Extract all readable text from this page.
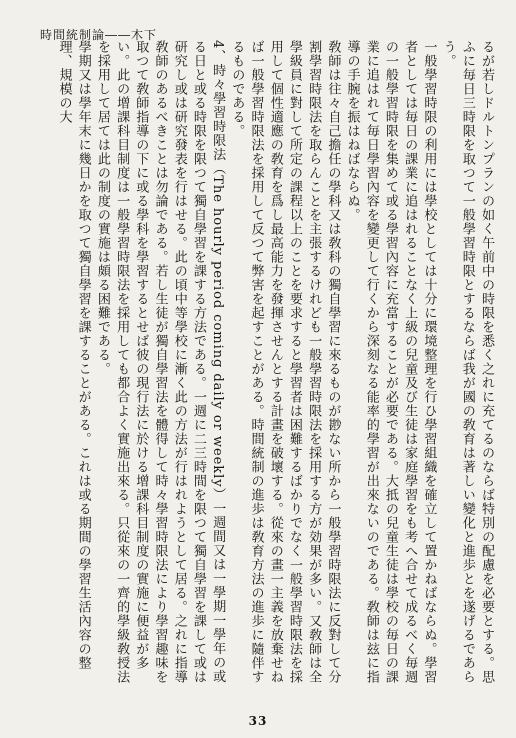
時間統制論――木下

るが若しドルトンプランの如く午前中の時限を悉く之れに充てるのならば特別の配慮を必要とする。思ふに毎日三時限を取つて一般學習時限とするならば我が國の敎育は著しい變化と進歩とを遂げるであらう。

一般學習時限の利用には學校としては十分に環境整理を行ひ學習組織を確立して置かねばならぬ。學習者としては毎日の課業に追はれることなく上級の兒童及び生徒は家庭學習をも考へ合せて成るべく毎週の一般學習時限を集めて或る學習內容に充當することが必要である。大抵の兒童生徒は學校の毎日の課業に追はれて毎日學習內容を變更して行くから深刻なる能率的學習が出來ないのである。敎師は玆に指導の手腕を振はねばならぬ。

敎師は往々自己擔任の學科又は敎科の獨自學習に來るものが尠ない所から一般學習時限法に反對して分割學習時限法を取らんことを主張するけれども一般學習時限法を採用する方が効果が多い。又敎師は全學級員に對して所定の課程以上のことを要求すると學習者は困難するばかりでなく一般學習時限法を採用して個性適應の敎育を爲し最高能力を發揮させんとする計畫を破壞する。從來の畫一主義を放棄せねば一般學習時限法を採用して反つて弊害を起すことがある。時間統制の進歩は敎育方法の進歩に隨伴するものである。

4、時々學習時限法（The hourly period coming daily or weekly）一週間又は一學期一學年の或る日と或る時限を限つて獨自學習を課する方法である。一週に二三時間を限つて獨自學習を課して或は研究し或は研究發表を行はせる。此の頃中等學校に漸く此の方法が行はれようとして居る。之れに指導敎師のあるべきことは勿論である。若し生徒が獨自學習法を體得して時々學習時限法により學習趣味を取つて敎師指導の下に或る學科を學習するとせば彼の現行法に於ける增課科目制度の實施に便益が多い。此の增課科目制度は一般學習時限法を採用しても都合よく實施出來る。只從來の一齊的學級敎授法を採用して居ては此の制度の實施は頗る困難である。

學期又は學年末に幾日かを取つて獨自學習を課することがある。これは或る期間の學習生活內容の整理、規模の大

33
